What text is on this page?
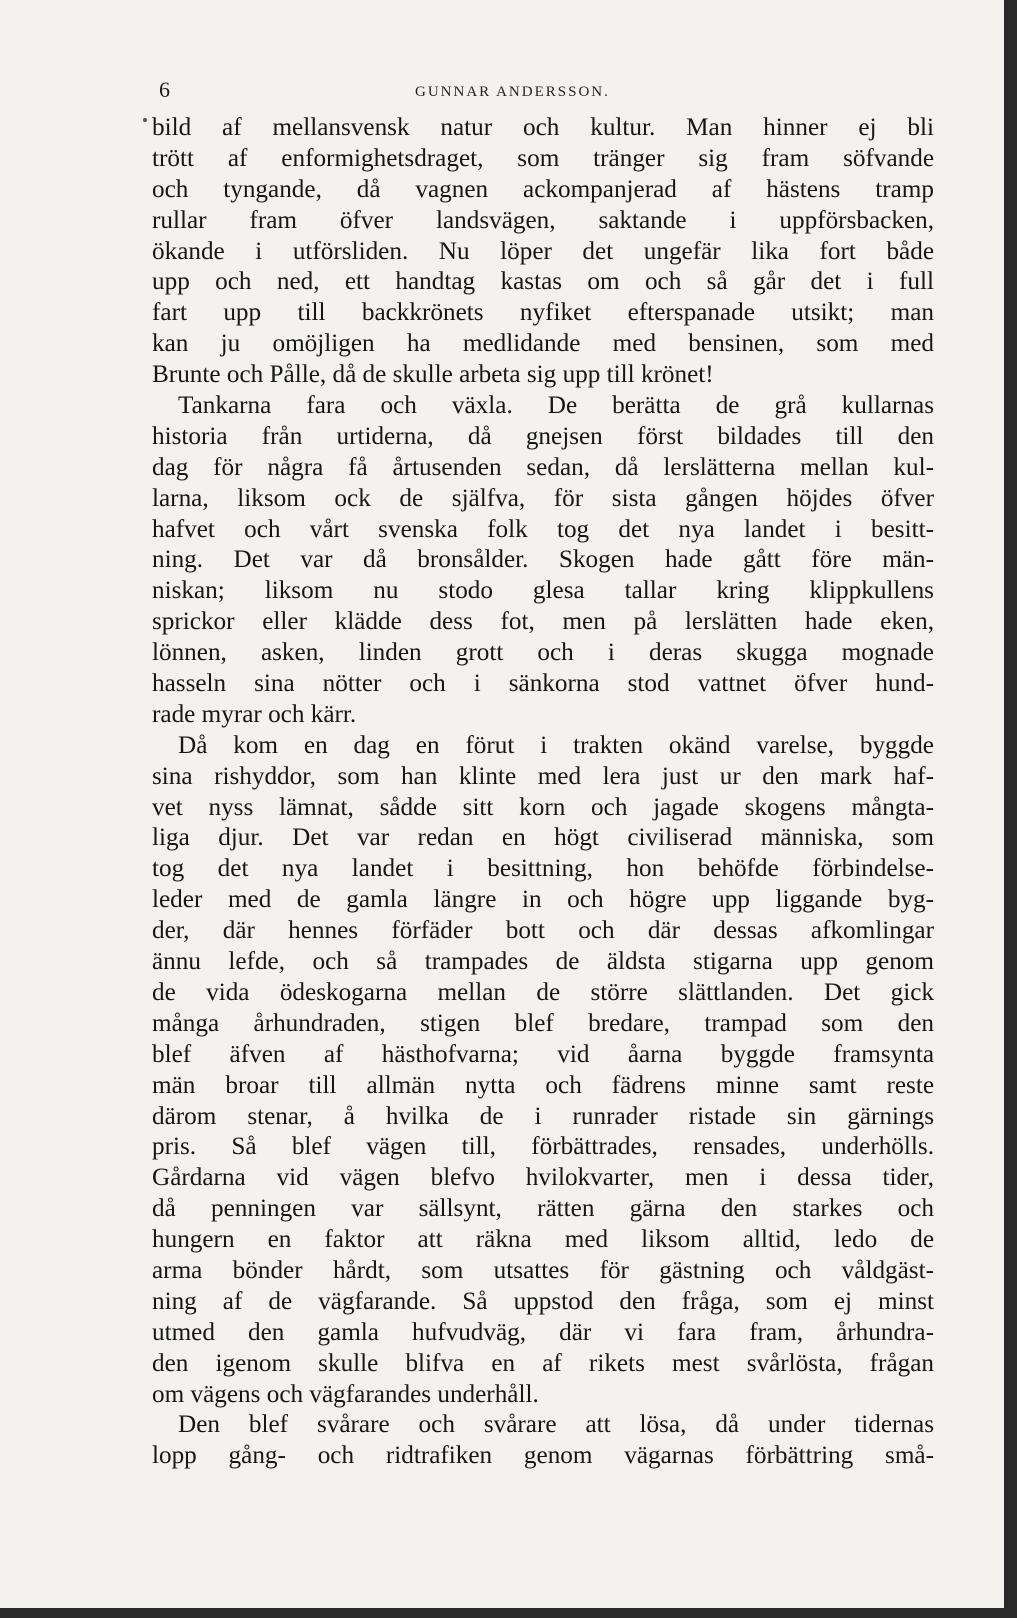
6	GUNNAR ANDERSSON.
bild af mellansvensk natur och kultur. Man hinner ej bli
trött af enformighetsdraget, som tränger sig fram söfvande
och tyngande, då vagnen ackompanjerad af hästens tramp
rullar fram öfver landsvägen, saktande i uppförsbacken,
ökande i utförsliden. Nu löper det ungefär lika fort både
upp och ned, ett handtag kastas om och så går det i full
fart upp till backkrönets nyfiket efterspanade utsikt; man
kan ju omöjligen ha medlidande med bensinen, som med
Brunte och Pålle, då de skulle arbeta sig upp till krönet!
Tankarna fara och växla. De berätta de grå kullarnas
historia från urtiderna, då gnejsen först bildades till den
dag för några få årtusenden sedan, då lerslätterna mellan kul-
larna, liksom ock de själfva, för sista gången höjdes öfver
hafvet och vårt svenska folk tog det nya landet i besitt-
ning. Det var då bronsålder. Skogen hade gått före män-
niskan; liksom nu stodo glesa tallar kring klippkullens
sprickor eller klädde dess fot, men på lerslätten hade eken,
lönnen, asken, linden grott och i deras skugga mognade
hasseln sina nötter och i sänkorna stod vattnet öfver hund-
rade myrar och kärr.
Då kom en dag en förut i trakten okänd varelse, byggde
sina rishyddor, som han klinte med lera just ur den mark haf-
vet nyss lämnat, sådde sitt korn och jagade skogens mångta-
liga djur. Det var redan en högt civiliserad människa, som
tog det nya landet i besittning, hon behöfde förbindelse-
leder med de gamla längre in och högre upp liggande byg-
der, där hennes förfäder bott och där dessas afkomlingar
ännu lefde, och så trampades de äldsta stigarna upp genom
de vida ödeskogarna mellan de större slättlanden. Det gick
många århundraden, stigen blef bredare, trampad som den
blef äfven af hästhofvarna; vid åarna byggde framsynta
män broar till allmän nytta och fädrens minne samt reste
därom stenar, å hvilka de i runrader ristade sin gärnings
pris. Så blef vägen till, förbättrades, rensades, underhölls.
Gårdarna vid vägen blefvo hvilokvarter, men i dessa tider,
då penningen var sällsynt, rätten gärna den starkes och
hungern en faktor att räkna med liksom alltid, ledo de
arma bönder hårdt, som utsattes för gästning och våldgäst-
ning af de vägfarande. Så uppstod den fråga, som ej minst
utmed den gamla hufvudväg, där vi fara fram, århundra-
den igenom skulle blifva en af rikets mest svårlösta, frågan
om vägens och vägfarandes underhåll.
Den blef svårare och svårare att lösa, då under tidernas
lopp gång- och ridtrafiken genom vägarnas förbättring små-
